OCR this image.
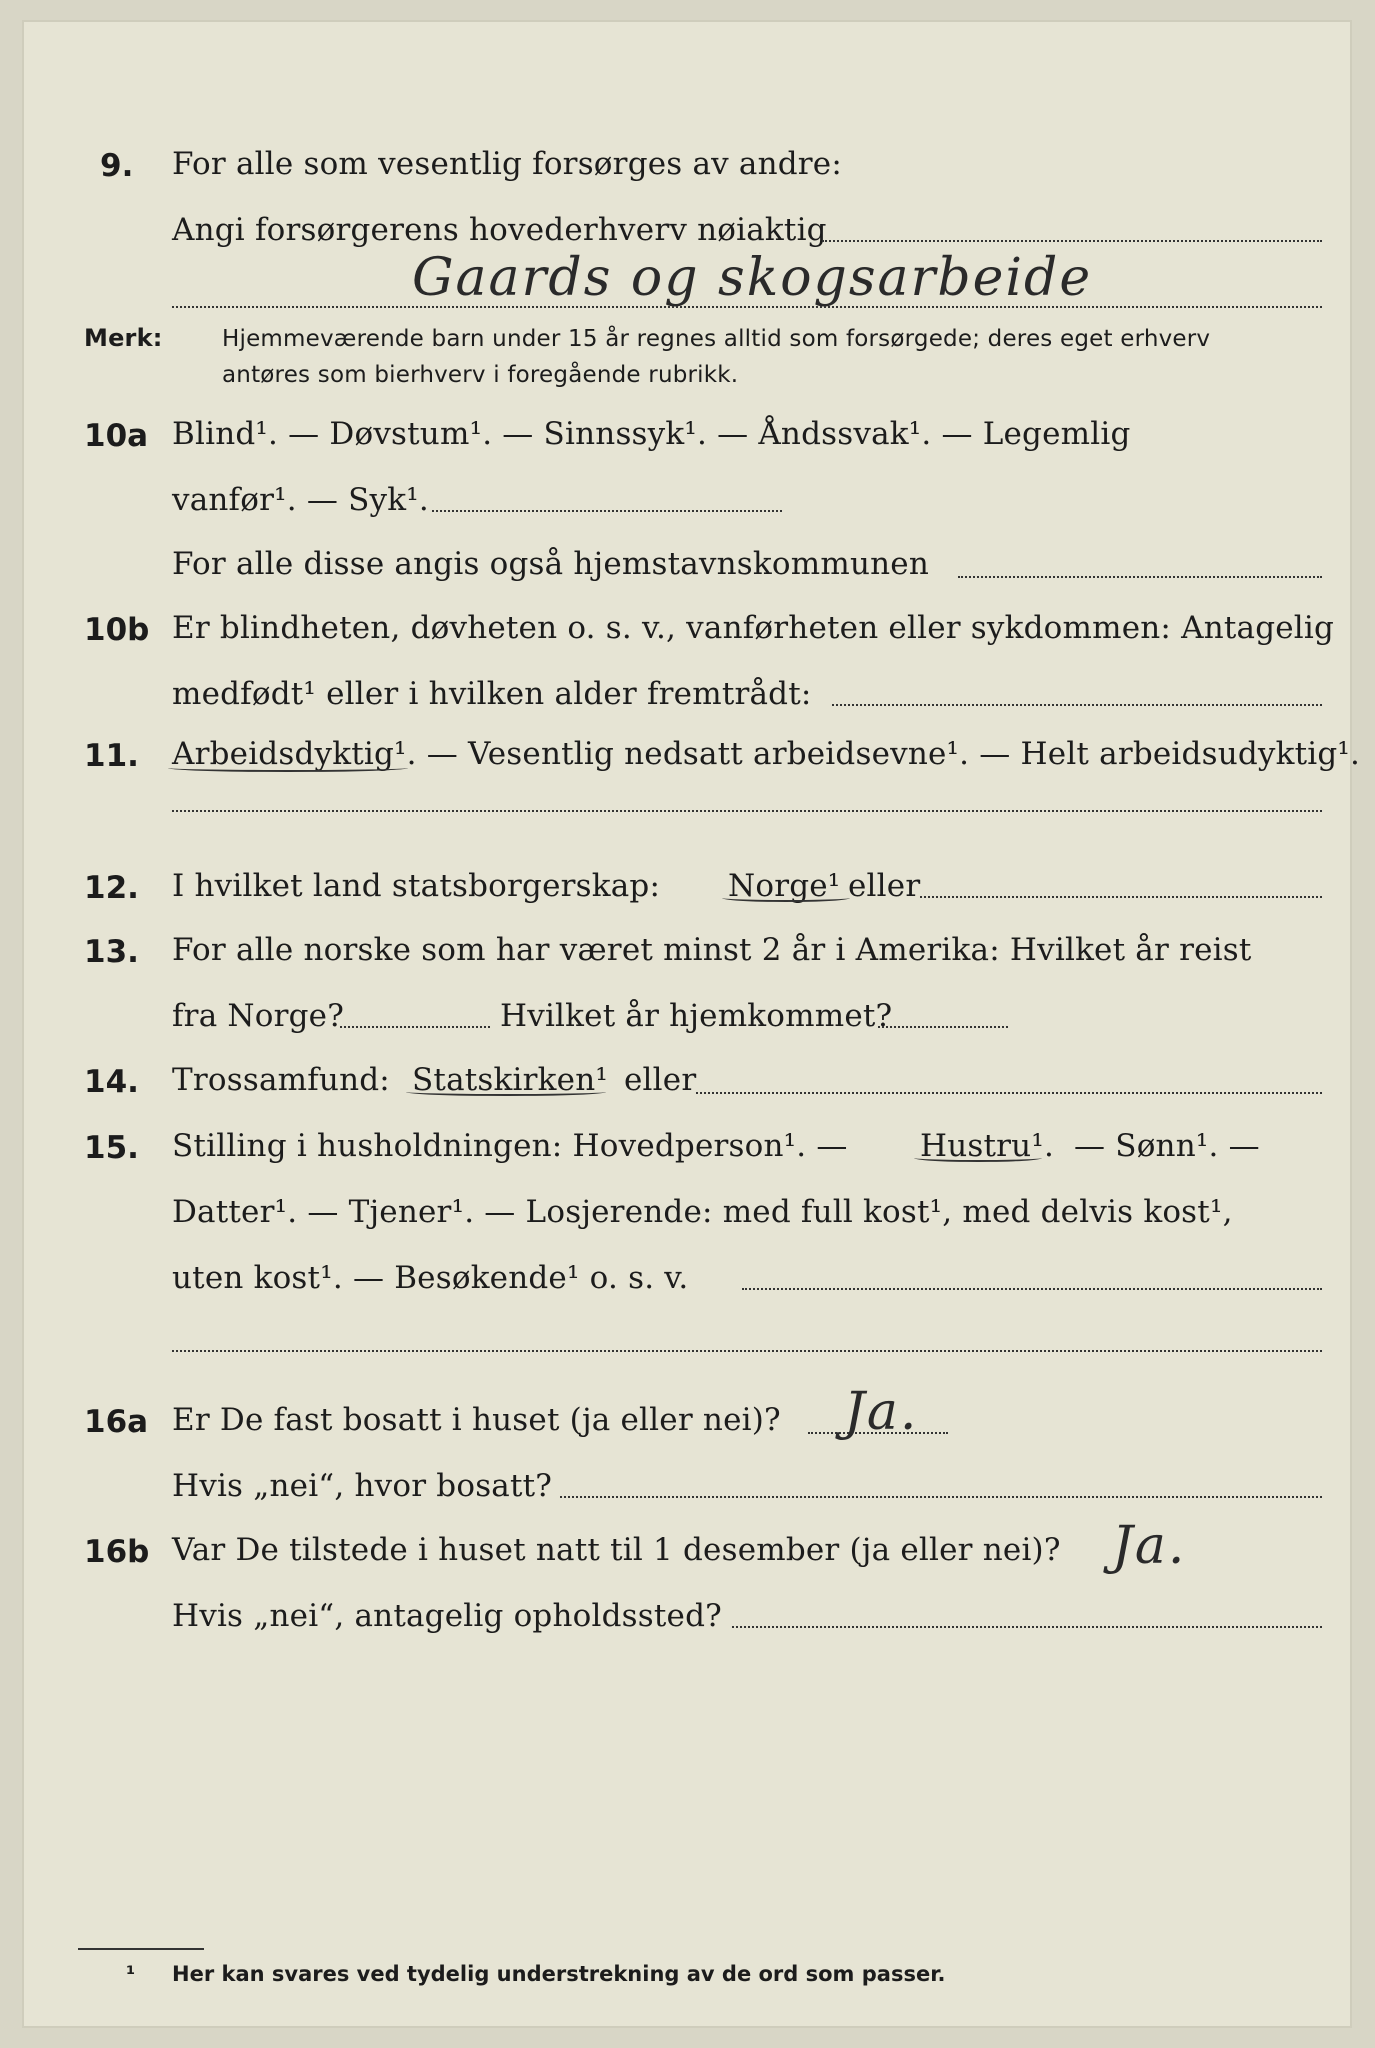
9. For alle som vesentlig forsørges av andre:
Angi forsørgerens hovederhverv nøiaktig
Gaards og skogsarbeide
Merk:	Hjemmeværende barn under 15 år regnes alltid som forsørgede; deres eget erhverv
antøres som bierhverv i foregående rubrikk.
10a Blind¹. — Døvstum¹. — Sinnssyk¹. — Åndssvak¹. — Legemlig
vanfør¹. — Syk¹.
For alle disse angis også hjemstavnskommunen
10b Er blindheten, døvheten o. s. v., vanførheten eller sykdommen: Antagelig
medfødt¹ eller i hvilken alder fremtrådt:
11. Arbeidsdyktig¹. — Vesentlig nedsatt arbeidsevne¹. — Helt arbeidsudyktig¹.
12. I hvilket land statsborgerskap: Norge¹ eller
13. For alle norske som har været minst 2 år i Amerika: Hvilket år reist
fra Norge?	Hvilket år hjemkommet?
14. Trossamfund: Statskirken¹ eller
15. Stilling i husholdningen: Hovedperson¹. — Hustru¹. — Sønn¹. —
Datter¹. — Tjener¹. — Losjerende: med full kost¹, med delvis kost¹,
uten kost¹. — Besøkende¹ o. s. v.
16a Er De fast bosatt i huset (ja eller nei)? Ja.
Hvis „nei“, hvor bosatt?
16b Var De tilstede i huset natt til 1 desember (ja eller nei)? Ja.
Hvis „nei“, antagelig opholdssted?
¹ Her kan svares ved tydelig understrekning av de ord som passer.
